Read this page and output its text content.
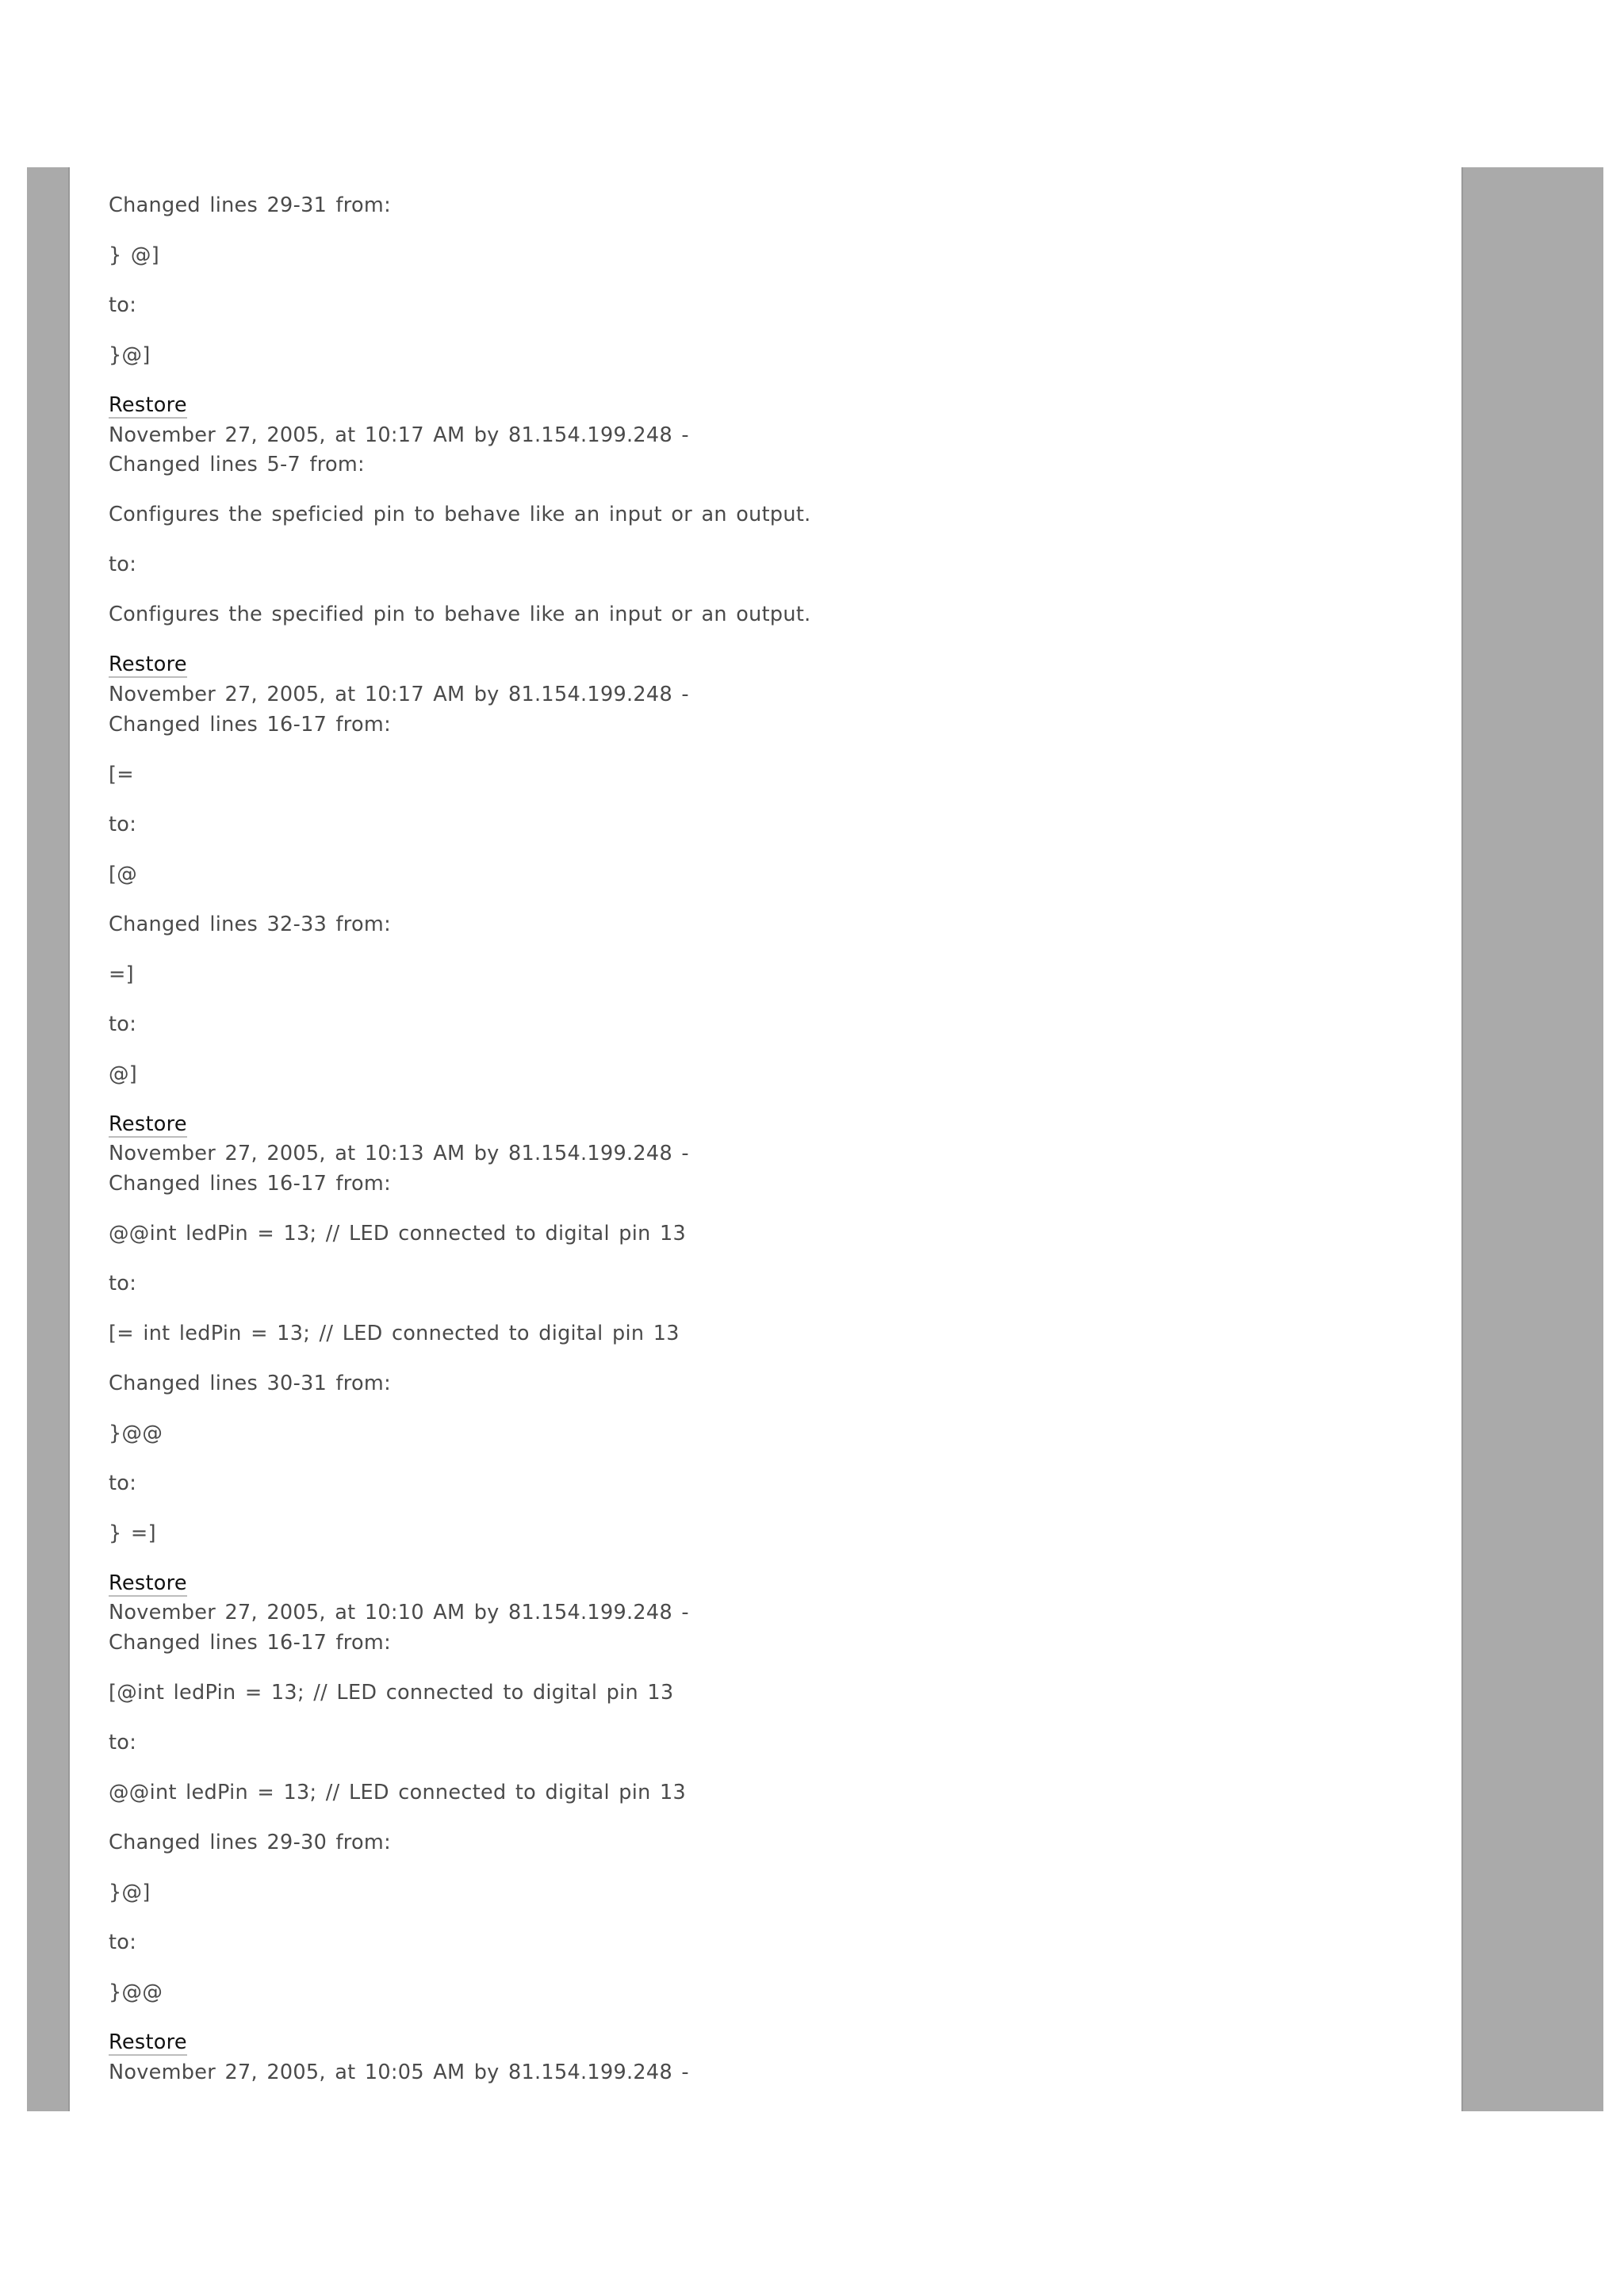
Changed lines 29-31 from:
} @]
to:
}@]
Restore
November 27, 2005, at 10:17 AM by 81.154.199.248 -
Changed lines 5-7 from:
Configures the speficied pin to behave like an input or an output.
to:
Configures the specified pin to behave like an input or an output.
Restore
November 27, 2005, at 10:17 AM by 81.154.199.248 -
Changed lines 16-17 from:
[=
to:
[@
Changed lines 32-33 from:
=]
to:
@]
Restore
November 27, 2005, at 10:13 AM by 81.154.199.248 -
Changed lines 16-17 from:
@@int ledPin = 13; // LED connected to digital pin 13
to:
[= int ledPin = 13; // LED connected to digital pin 13
Changed lines 30-31 from:
}@@
to:
} =]
Restore
November 27, 2005, at 10:10 AM by 81.154.199.248 -
Changed lines 16-17 from:
[@int ledPin = 13; // LED connected to digital pin 13
to:
@@int ledPin = 13; // LED connected to digital pin 13
Changed lines 29-30 from:
}@]
to:
}@@
Restore
November 27, 2005, at 10:05 AM by 81.154.199.248 -
